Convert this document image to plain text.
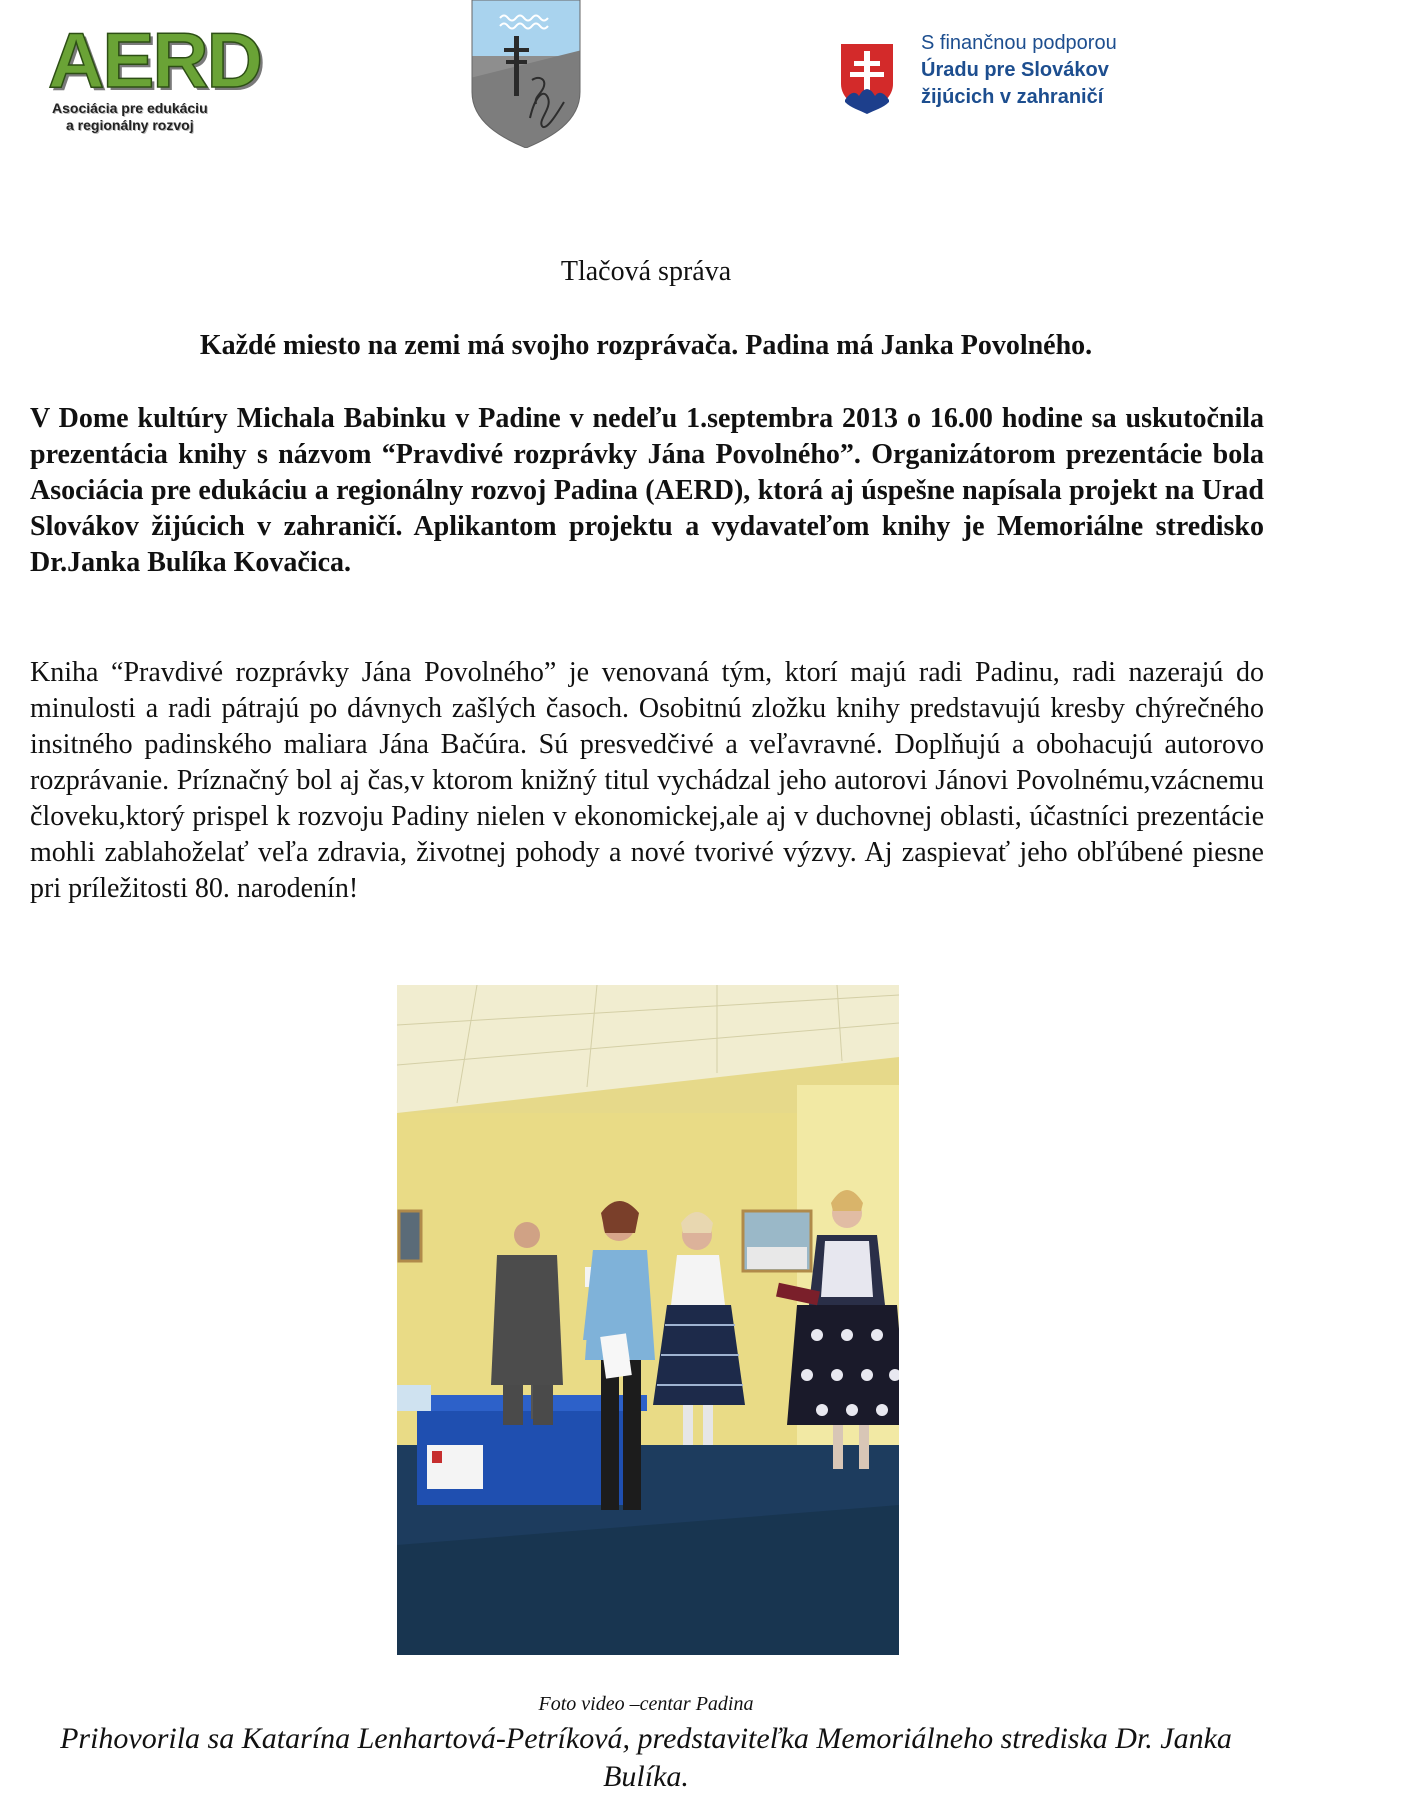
AERD
Asociácia pre edukáciu
a regionálny rozvoj
S finančnou podporou
Úradu pre Slovákov
žijúcich v zahraničí
Tlačová správa
Každé miesto na zemi má svojho rozprávača. Padina má Janka Povolného.

V Dome kultúry Michala Babinku v Padine v nedeľu 1.septembra 2013 o 16.00 hodine sa uskutočnila prezentácia knihy s názvom “Pravdivé rozprávky Jána Povolného”. Organizátorom prezentácie bola Asociácia pre edukáciu a regionálny rozvoj Padina (AERD), ktorá aj úspešne napísala projekt na Urad Slovákov žijúcich v zahraničí. Aplikantom projektu a vydavateľom knihy je Memoriálne stredisko Dr.Janka Bulíka Kovačica.

Kniha “Pravdivé rozprávky Jána Povolného” je venovaná tým, ktorí majú radi Padinu, radi nazerajú do minulosti a radi pátrajú po dávnych zašlých časoch. Osobitnú zložku knihy predstavujú kresby chýrečného insitného padinského maliara Jána Bačúra. Sú presvedčivé a veľavravné. Doplňujú a obohacujú autorovo rozprávanie. Príznačný bol aj čas,v ktorom knižný titul vychádzal jeho autorovi Jánovi Povolnému,vzácnemu človeku,ktorý prispel k rozvoju Padiny nielen v ekonomickej,ale aj v duchovnej oblasti, účastníci prezentácie mohli zablahoželať veľa zdravia, životnej pohody a nové tvorivé výzvy. Aj zaspievať jeho obľúbené piesne pri príležitosti 80. narodenín!

Foto video –centar Padina

Prihovorila sa Katarína Lenhartová-Petríková, predstaviteľka Memoriálneho strediska Dr. Janka Bulíka.
